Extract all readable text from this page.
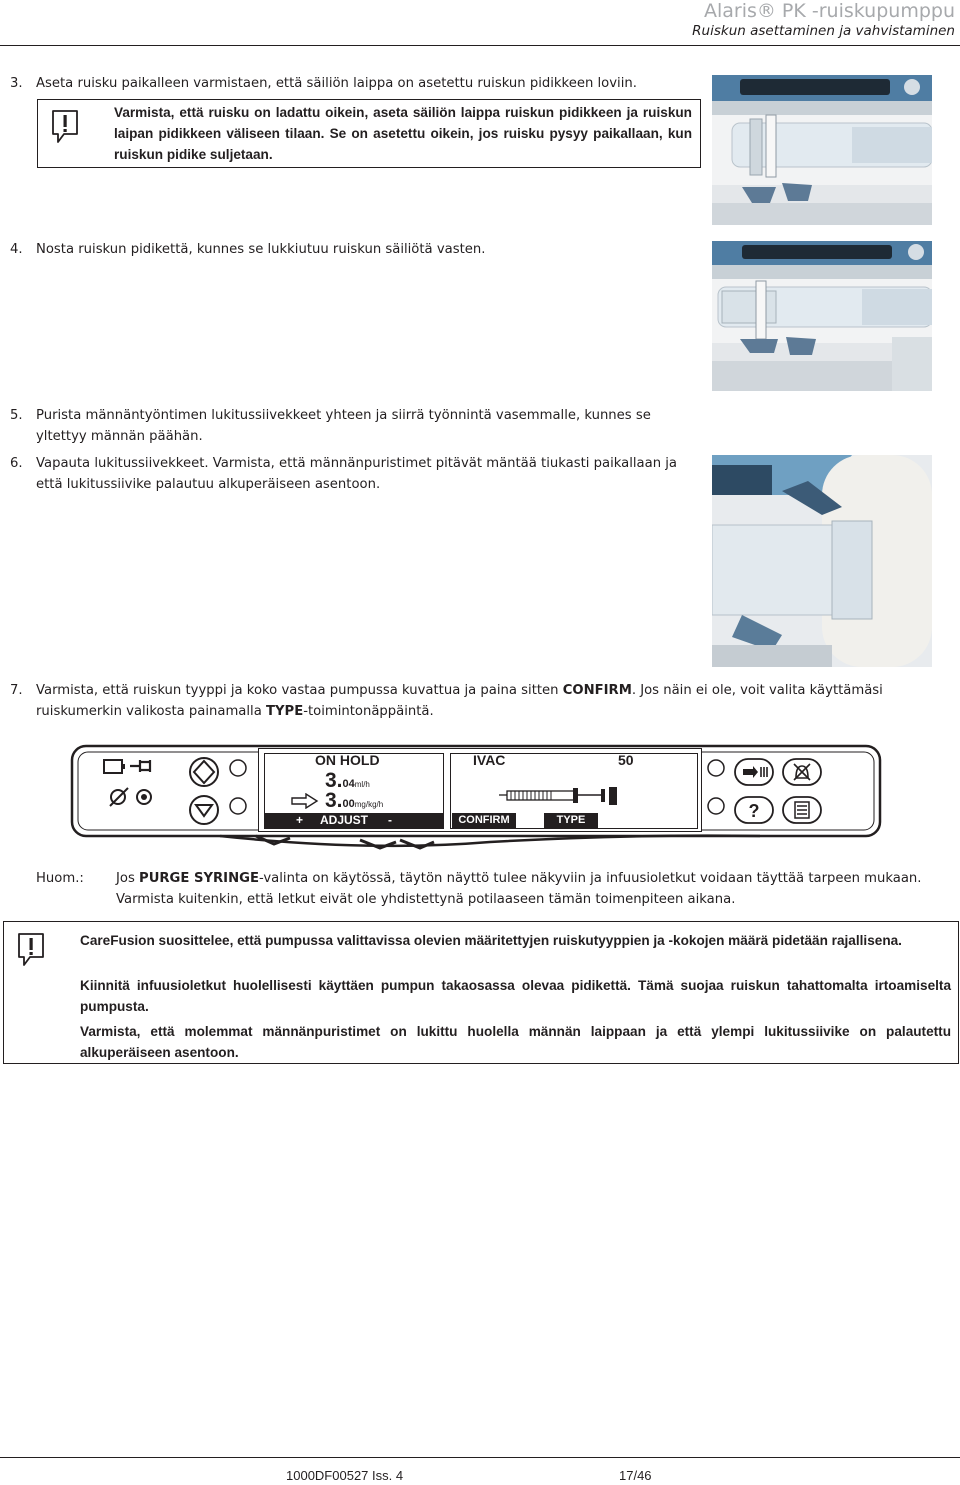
Alaris® PK -ruiskupumppu
Ruiskun asettaminen ja vahvistaminen
3. Aseta ruisku paikalleen varmistaen, että säiliön laippa on asetettu ruiskun pidikkeen loviin.
Varmista, että ruisku on ladattu oikein, aseta säiliön laippa ruiskun pidikkeen ja ruiskun laipan pidikkeen väliseen tilaan. Se on asetettu oikein, jos ruisku pysyy paikallaan, kun ruiskun pidike suljetaan.
4. Nosta ruiskun pidikettä, kunnes se lukkiutuu ruiskun säiliötä vasten.
5. Purista männäntyöntimen lukitussiivekkeet yhteen ja siirrä työnnintä vasemmalle, kunnes se yltettyy männän päähän.
6. Vapauta lukitussiivekkeet. Varmista, että männänpuristimet pitävät mäntää tiukasti paikallaan ja että lukitussiivike palautuu alkuperäiseen asentoon.
7. Varmista, että ruiskun tyyppi ja koko vastaa pumpussa kuvattua ja paina sitten CONFIRM. Jos näin ei ole, voit valita käyttämäsi ruiskumerkin valikosta painamalla TYPE-toimintonäppäintä.
ON HOLD	IVAC	50
3.04ml/h
3.00mg/kg/h
+ ADJUST -	CONFIRM	TYPE	?
Huom.: Jos PURGE SYRINGE-valinta on käytössä, täytön näyttö tulee näkyviin ja infuusioletkut voidaan täyttää tarpeen mukaan. Varmista kuitenkin, että letkut eivät ole yhdistettynä potilaaseen tämän toimenpiteen aikana.
CareFusion suosittelee, että pumpussa valittavissa olevien määritettyjen ruiskutyyppien ja -kokojen määrä pidetään rajallisena.
Kiinnitä infuusioletkut huolellisesti käyttäen pumpun takaosassa olevaa pidikettä. Tämä suojaa ruiskun tahattomalta irtoamiselta pumpusta.
Varmista, että molemmat männänpuristimet on lukittu huolella männän laippaan ja että ylempi lukitussiivike on palautettu alkuperäiseen asentoon.
1000DF00527 Iss. 4	17/46
